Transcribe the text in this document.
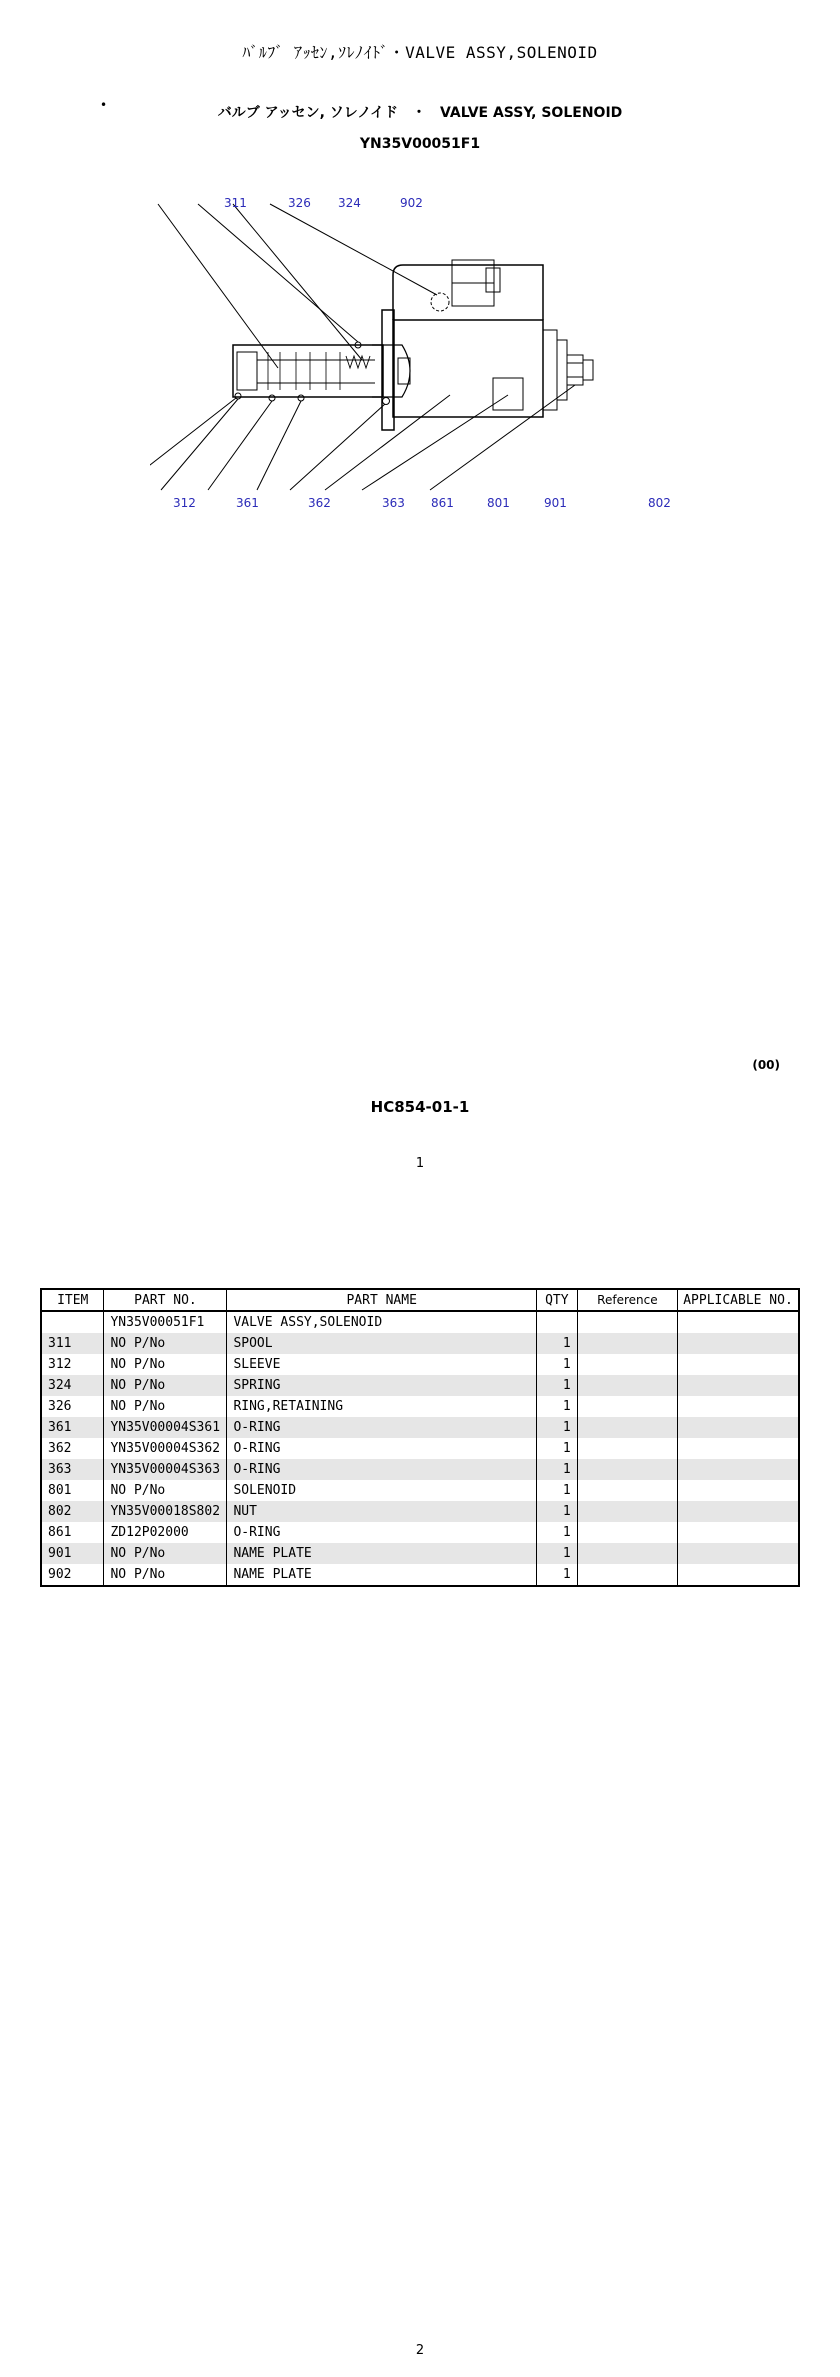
ﾊﾞﾙﾌﾞ ｱｯｾﾝ,ｿﾚﾉｲﾄﾞ・VALVE ASSY,SOLENOID
•	バルブ アッセン, ソレノイド　・　VALVE ASSY, SOLENOID
YN35V00051F1
311	326 324	902
312	361	362	363 861	801	901	802
(00)
HC854-01-1
1
ITEM	PART NO.	PART NAME	QTY	Reference	APPLICABLE NO.
	YN35V00051F1	VALVE ASSY,SOLENOID			
311	NO P/No	SPOOL	1		
312	NO P/No	SLEEVE	1		
324	NO P/No	SPRING	1		
326	NO P/No	RING,RETAINING	1		
361	YN35V00004S361	O-RING	1		
362	YN35V00004S362	O-RING	1		
363	YN35V00004S363	O-RING	1		
801	NO P/No	SOLENOID	1		
802	YN35V00018S802	NUT	1		
861	ZD12P02000	O-RING	1		
901	NO P/No	NAME PLATE	1		
902	NO P/No	NAME PLATE	1		
2
